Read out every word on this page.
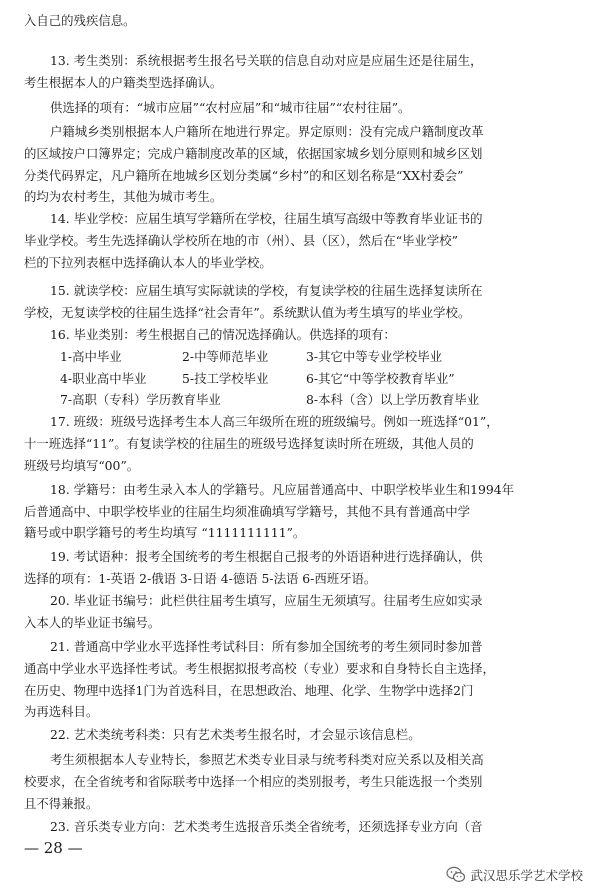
入自己的残疾信息。
13. 考生类别：系统根据考生报名号关联的信息自动对应是应届生还是往届生，
考生根据本人的户籍类型选择确认。
供选择的项有：“城市应届”“农村应届”和“城市往届”“农村往届”。
户籍城乡类别根据本人户籍所在地进行界定。界定原则：没有完成户籍制度改革
的区域按户口簿界定；完成户籍制度改革的区域，依据国家城乡划分原则和城乡区划
分类代码界定，凡户籍所在地城乡区划分类属“乡村”的和区划名称是“XX村委会”
的均为农村考生，其他为城市考生。
14. 毕业学校：应届生填写学籍所在学校，往届生填写高级中等教育毕业证书的
毕业学校。考生先选择确认学校所在地的市（州）、县（区），然后在“毕业学校”
栏的下拉列表框中选择确认本人的毕业学校。
15. 就读学校：应届生填写实际就读的学校，有复读学校的往届生选择复读所在
学校，无复读学校的往届生选择“社会青年”。系统默认值为考生填写的毕业学校。
16. 毕业类别：考生根据自己的情况选择确认。供选择的项有：
1-高中毕业	2-中等师范毕业	3-其它中等专业学校毕业
4-职业高中毕业	5-技工学校毕业	6-其它“中等学校教育毕业”
7-高职（专科）学历教育毕业	8-本科（含）以上学历教育毕业
17. 班级：班级号选择考生本人高三年级所在班的班级编号。例如一班选择“01”，
十一班选择“11”。有复读学校的往届生的班级号选择复读时所在班级，其他人员的
班级号均填写“00”。
18. 学籍号：由考生录入本人的学籍号。凡应届普通高中、中职学校毕业生和1994年
后普通高中、中职学校毕业的往届生均须准确填写学籍号，其他不具有普通高中学
籍号或中职学籍号的考生均填写 “1111111111”。
19. 考试语种：报考全国统考的考生根据自己报考的外语语种进行选择确认，供
选择的项有：1-英语 2-俄语 3-日语 4-德语 5-法语 6-西班牙语。
20. 毕业证书编号：此栏供往届考生填写，应届生无须填写。往届考生应如实录
入本人的毕业证书编号。
21. 普通高中学业水平选择性考试科目：所有参加全国统考的考生须同时参加普
通高中学业水平选择性考试。考生根据拟报考高校（专业）要求和自身特长自主选择，
在历史、物理中选择1门为首选科目，在思想政治、地理、化学、生物学中选择2门
为再选科目。
22. 艺术类统考科类：只有艺术类考生报名时，才会显示该信息栏。
考生须根据本人专业特长，参照艺术类专业目录与统考科类对应关系以及相关高
校要求，在全省统考和省际联考中选择一个相应的类别报考，考生只能选报一个类别
且不得兼报。
23. 音乐类专业方向：艺术类考生选报音乐类全省统考，还须选择专业方向（音
— 28 —
武汉思乐学艺术学校
